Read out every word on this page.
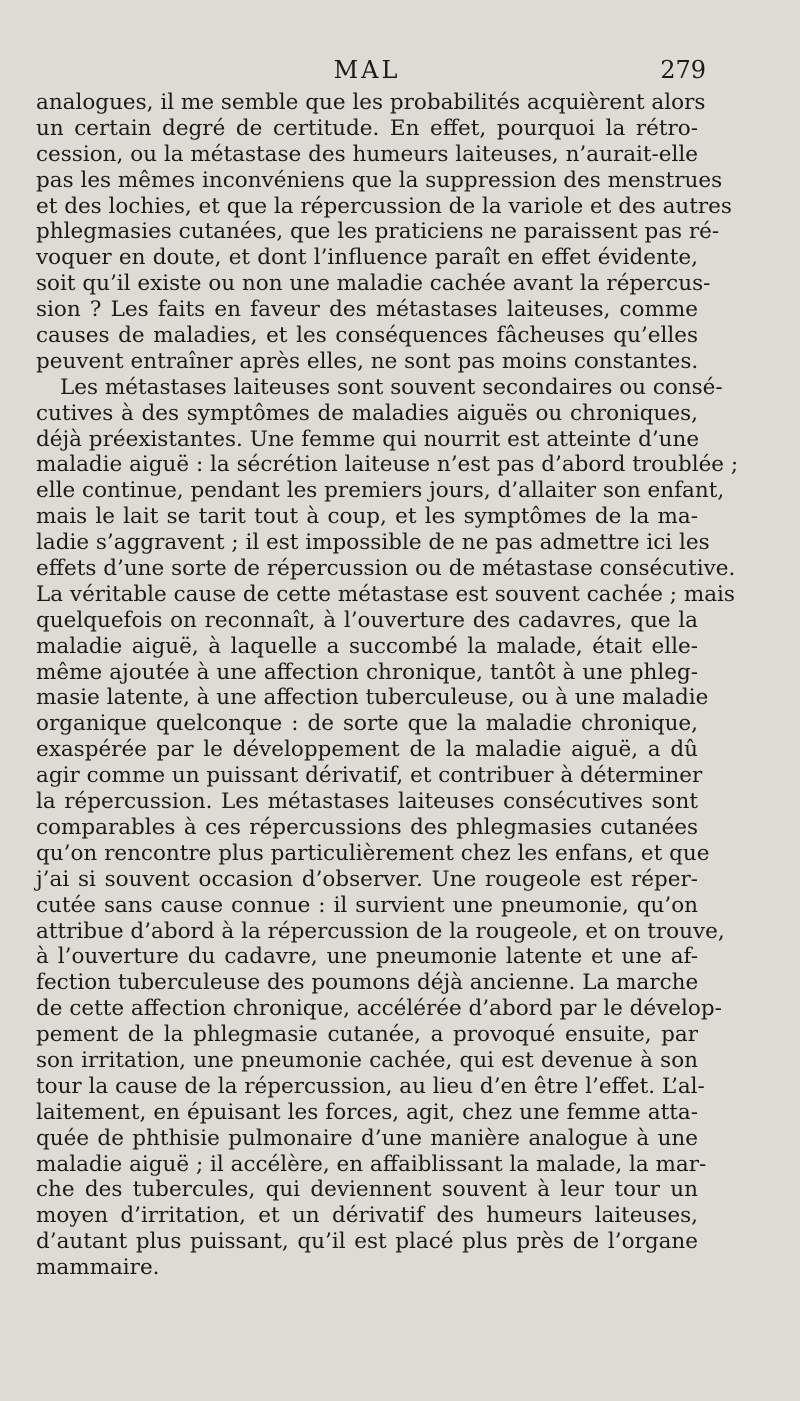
MAL	279
analogues, il me semble que les probabilités acquièrent alors
un certain degré de certitude. En effet, pourquoi la rétro-
cession, ou la métastase des humeurs laiteuses, n’aurait-elle
pas les mêmes inconvéniens que la suppression des menstrues
et des lochies, et que la répercussion de la variole et des autres
phlegmasies cutanées, que les praticiens ne paraissent pas ré-
voquer en doute, et dont l’influence paraît en effet évidente,
soit qu’il existe ou non une maladie cachée avant la répercus-
sion ? Les faits en faveur des métastases laiteuses, comme
causes de maladies, et les conséquences fâcheuses qu’elles
peuvent entraîner après elles, ne sont pas moins constantes.
Les métastases laiteuses sont souvent secondaires ou consé-
cutives à des symptômes de maladies aiguës ou chroniques,
déjà préexistantes. Une femme qui nourrit est atteinte d’une
maladie aiguë : la sécrétion laiteuse n’est pas d’abord troublée ;
elle continue, pendant les premiers jours, d’allaiter son enfant,
mais le lait se tarit tout à coup, et les symptômes de la ma-
ladie s’aggravent ; il est impossible de ne pas admettre ici les
effets d’une sorte de répercussion ou de métastase consécutive.
La véritable cause de cette métastase est souvent cachée ; mais
quelquefois on reconnaît, à l’ouverture des cadavres, que la
maladie aiguë, à laquelle a succombé la malade, était elle-
même ajoutée à une affection chronique, tantôt à une phleg-
masie latente, à une affection tuberculeuse, ou à une maladie
organique quelconque : de sorte que la maladie chronique,
exaspérée par le développement de la maladie aiguë, a dû
agir comme un puissant dérivatif, et contribuer à déterminer
la répercussion. Les métastases laiteuses consécutives sont
comparables à ces répercussions des phlegmasies cutanées
qu’on rencontre plus particulièrement chez les enfans, et que
j’ai si souvent occasion d’observer. Une rougeole est réper-
cutée sans cause connue : il survient une pneumonie, qu’on
attribue d’abord à la répercussion de la rougeole, et on trouve,
à l’ouverture du cadavre, une pneumonie latente et une af-
fection tuberculeuse des poumons déjà ancienne. La marche
de cette affection chronique, accélérée d’abord par le dévelop-
pement de la phlegmasie cutanée, a provoqué ensuite, par
son irritation, une pneumonie cachée, qui est devenue à son
tour la cause de la répercussion, au lieu d’en être l’effet. L’al-
laitement, en épuisant les forces, agit, chez une femme atta-
quée de phthisie pulmonaire d’une manière analogue à une
maladie aiguë ; il accélère, en affaiblissant la malade, la mar-
che des tubercules, qui deviennent souvent à leur tour un
moyen d’irritation, et un dérivatif des humeurs laiteuses,
d’autant plus puissant, qu’il est placé plus près de l’organe
mammaire.
